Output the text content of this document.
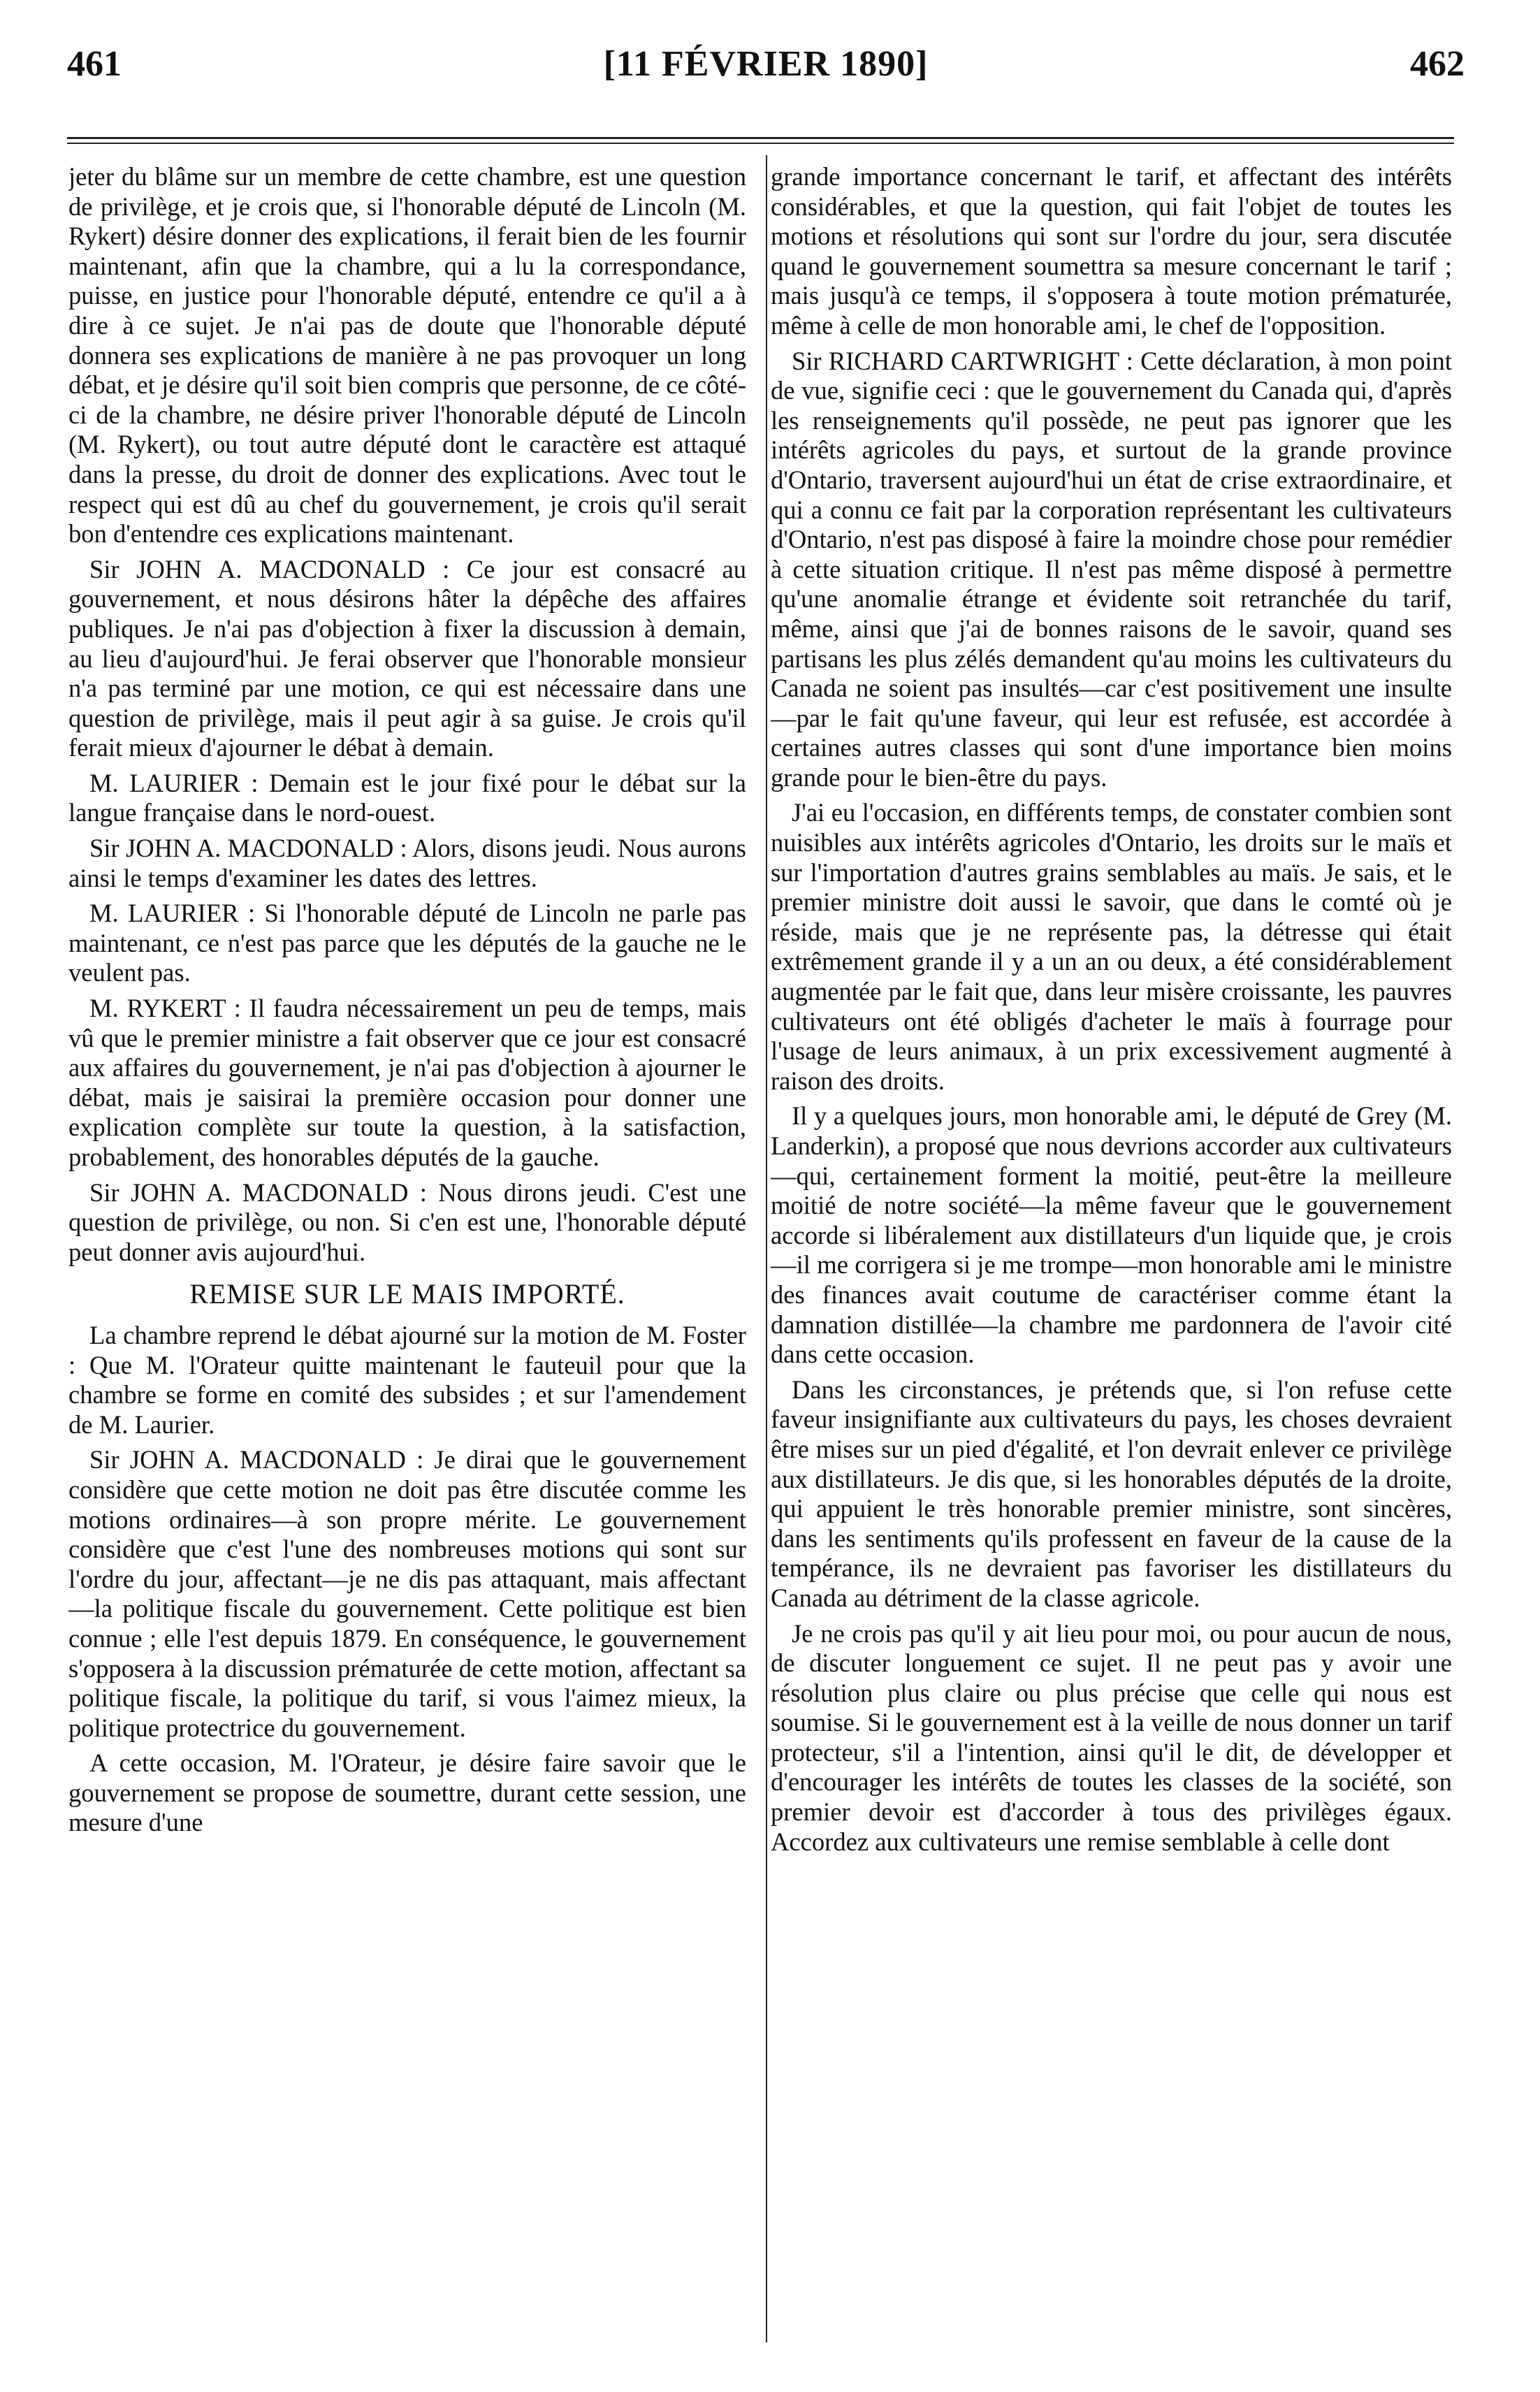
461	[11 FÉVRIER 1890]	462

jeter du blâme sur un membre de cette chambre, est une question de privilège, et je crois que, si l'honorable député de Lincoln (M. Rykert) désire donner des explications, il ferait bien de les fournir maintenant, afin que la chambre, qui a lu la correspondance, puisse, en justice pour l'honorable député, entendre ce qu'il a à dire à ce sujet. Je n'ai pas de doute que l'honorable député donnera ses explications de manière à ne pas provoquer un long débat, et je désire qu'il soit bien compris que personne, de ce côté-ci de la chambre, ne désire priver l'honorable député de Lincoln (M. Rykert), ou tout autre député dont le caractère est attaqué dans la presse, du droit de donner des explications. Avec tout le respect qui est dû au chef du gouvernement, je crois qu'il serait bon d'entendre ces explications maintenant.

Sir JOHN A. MACDONALD : Ce jour est consacré au gouvernement, et nous désirons hâter la dépêche des affaires publiques. Je n'ai pas d'objection à fixer la discussion à demain, au lieu d'aujourd'hui. Je ferai observer que l'honorable monsieur n'a pas terminé par une motion, ce qui est nécessaire dans une question de privilège, mais il peut agir à sa guise. Je crois qu'il ferait mieux d'ajourner le débat à demain.

M. LAURIER : Demain est le jour fixé pour le débat sur la langue française dans le nord-ouest.

Sir JOHN A. MACDONALD : Alors, disons jeudi. Nous aurons ainsi le temps d'examiner les dates des lettres.

M. LAURIER : Si l'honorable député de Lincoln ne parle pas maintenant, ce n'est pas parce que les députés de la gauche ne le veulent pas.

M. RYKERT : Il faudra nécessairement un peu de temps, mais vû que le premier ministre a fait observer que ce jour est consacré aux affaires du gouvernement, je n'ai pas d'objection à ajourner le débat, mais je saisirai la première occasion pour donner une explication complète sur toute la question, à la satisfaction, probablement, des honorables députés de la gauche.

Sir JOHN A. MACDONALD : Nous dirons jeudi. C'est une question de privilège, ou non. Si c'en est une, l'honorable député peut donner avis aujourd'hui.

REMISE SUR LE MAIS IMPORTÉ.

La chambre reprend le débat ajourné sur la motion de M. Foster : Que M. l'Orateur quitte maintenant le fauteuil pour que la chambre se forme en comité des subsides ; et sur l'amendement de M. Laurier.

Sir JOHN A. MACDONALD : Je dirai que le gouvernement considère que cette motion ne doit pas être discutée comme les motions ordinaires—à son propre mérite. Le gouvernement considère que c'est l'une des nombreuses motions qui sont sur l'ordre du jour, affectant—je ne dis pas attaquant, mais affectant—la politique fiscale du gouvernement. Cette politique est bien connue ; elle l'est depuis 1879. En conséquence, le gouvernement s'opposera à la discussion prématurée de cette motion, affectant sa politique fiscale, la politique du tarif, si vous l'aimez mieux, la politique protectrice du gouvernement.

A cette occasion, M. l'Orateur, je désire faire savoir que le gouvernement se propose de soumettre, durant cette session, une mesure d'une

grande importance concernant le tarif, et affectant des intérêts considérables, et que la question, qui fait l'objet de toutes les motions et résolutions qui sont sur l'ordre du jour, sera discutée quand le gouvernement soumettra sa mesure concernant le tarif ; mais jusqu'à ce temps, il s'opposera à toute motion prématurée, même à celle de mon honorable ami, le chef de l'opposition.

Sir RICHARD CARTWRIGHT : Cette déclaration, à mon point de vue, signifie ceci : que le gouvernement du Canada qui, d'après les renseignements qu'il possède, ne peut pas ignorer que les intérêts agricoles du pays, et surtout de la grande province d'Ontario, traversent aujourd'hui un état de crise extraordinaire, et qui a connu ce fait par la corporation représentant les cultivateurs d'Ontario, n'est pas disposé à faire la moindre chose pour remédier à cette situation critique. Il n'est pas même disposé à permettre qu'une anomalie étrange et évidente soit retranchée du tarif, même, ainsi que j'ai de bonnes raisons de le savoir, quand ses partisans les plus zélés demandent qu'au moins les cultivateurs du Canada ne soient pas insultés—car c'est positivement une insulte—par le fait qu'une faveur, qui leur est refusée, est accordée à certaines autres classes qui sont d'une importance bien moins grande pour le bien-être du pays.

J'ai eu l'occasion, en différents temps, de constater combien sont nuisibles aux intérêts agricoles d'Ontario, les droits sur le maïs et sur l'importation d'autres grains semblables au maïs. Je sais, et le premier ministre doit aussi le savoir, que dans le comté où je réside, mais que je ne représente pas, la détresse qui était extrêmement grande il y a un an ou deux, a été considérablement augmentée par le fait que, dans leur misère croissante, les pauvres cultivateurs ont été obligés d'acheter le maïs à fourrage pour l'usage de leurs animaux, à un prix excessivement augmenté à raison des droits.

Il y a quelques jours, mon honorable ami, le député de Grey (M. Landerkin), a proposé que nous devrions accorder aux cultivateurs—qui, certainement forment la moitié, peut-être la meilleure moitié de notre société—la même faveur que le gouvernement accorde si libéralement aux distillateurs d'un liquide que, je crois—il me corrigera si je me trompe—mon honorable ami le ministre des finances avait coutume de caractériser comme étant la damnation distillée—la chambre me pardonnera de l'avoir cité dans cette occasion.

Dans les circonstances, je prétends que, si l'on refuse cette faveur insignifiante aux cultivateurs du pays, les choses devraient être mises sur un pied d'égalité, et l'on devrait enlever ce privilège aux distillateurs. Je dis que, si les honorables députés de la droite, qui appuient le très honorable premier ministre, sont sincères, dans les sentiments qu'ils professent en faveur de la cause de la tempérance, ils ne devraient pas favoriser les distillateurs du Canada au détriment de la classe agricole.

Je ne crois pas qu'il y ait lieu pour moi, ou pour aucun de nous, de discuter longuement ce sujet. Il ne peut pas y avoir une résolution plus claire ou plus précise que celle qui nous est soumise. Si le gouvernement est à la veille de nous donner un tarif protecteur, s'il a l'intention, ainsi qu'il le dit, de développer et d'encourager les intérêts de toutes les classes de la société, son premier devoir est d'accorder à tous des privilèges égaux. Accordez aux cultivateurs une remise semblable à celle dont
